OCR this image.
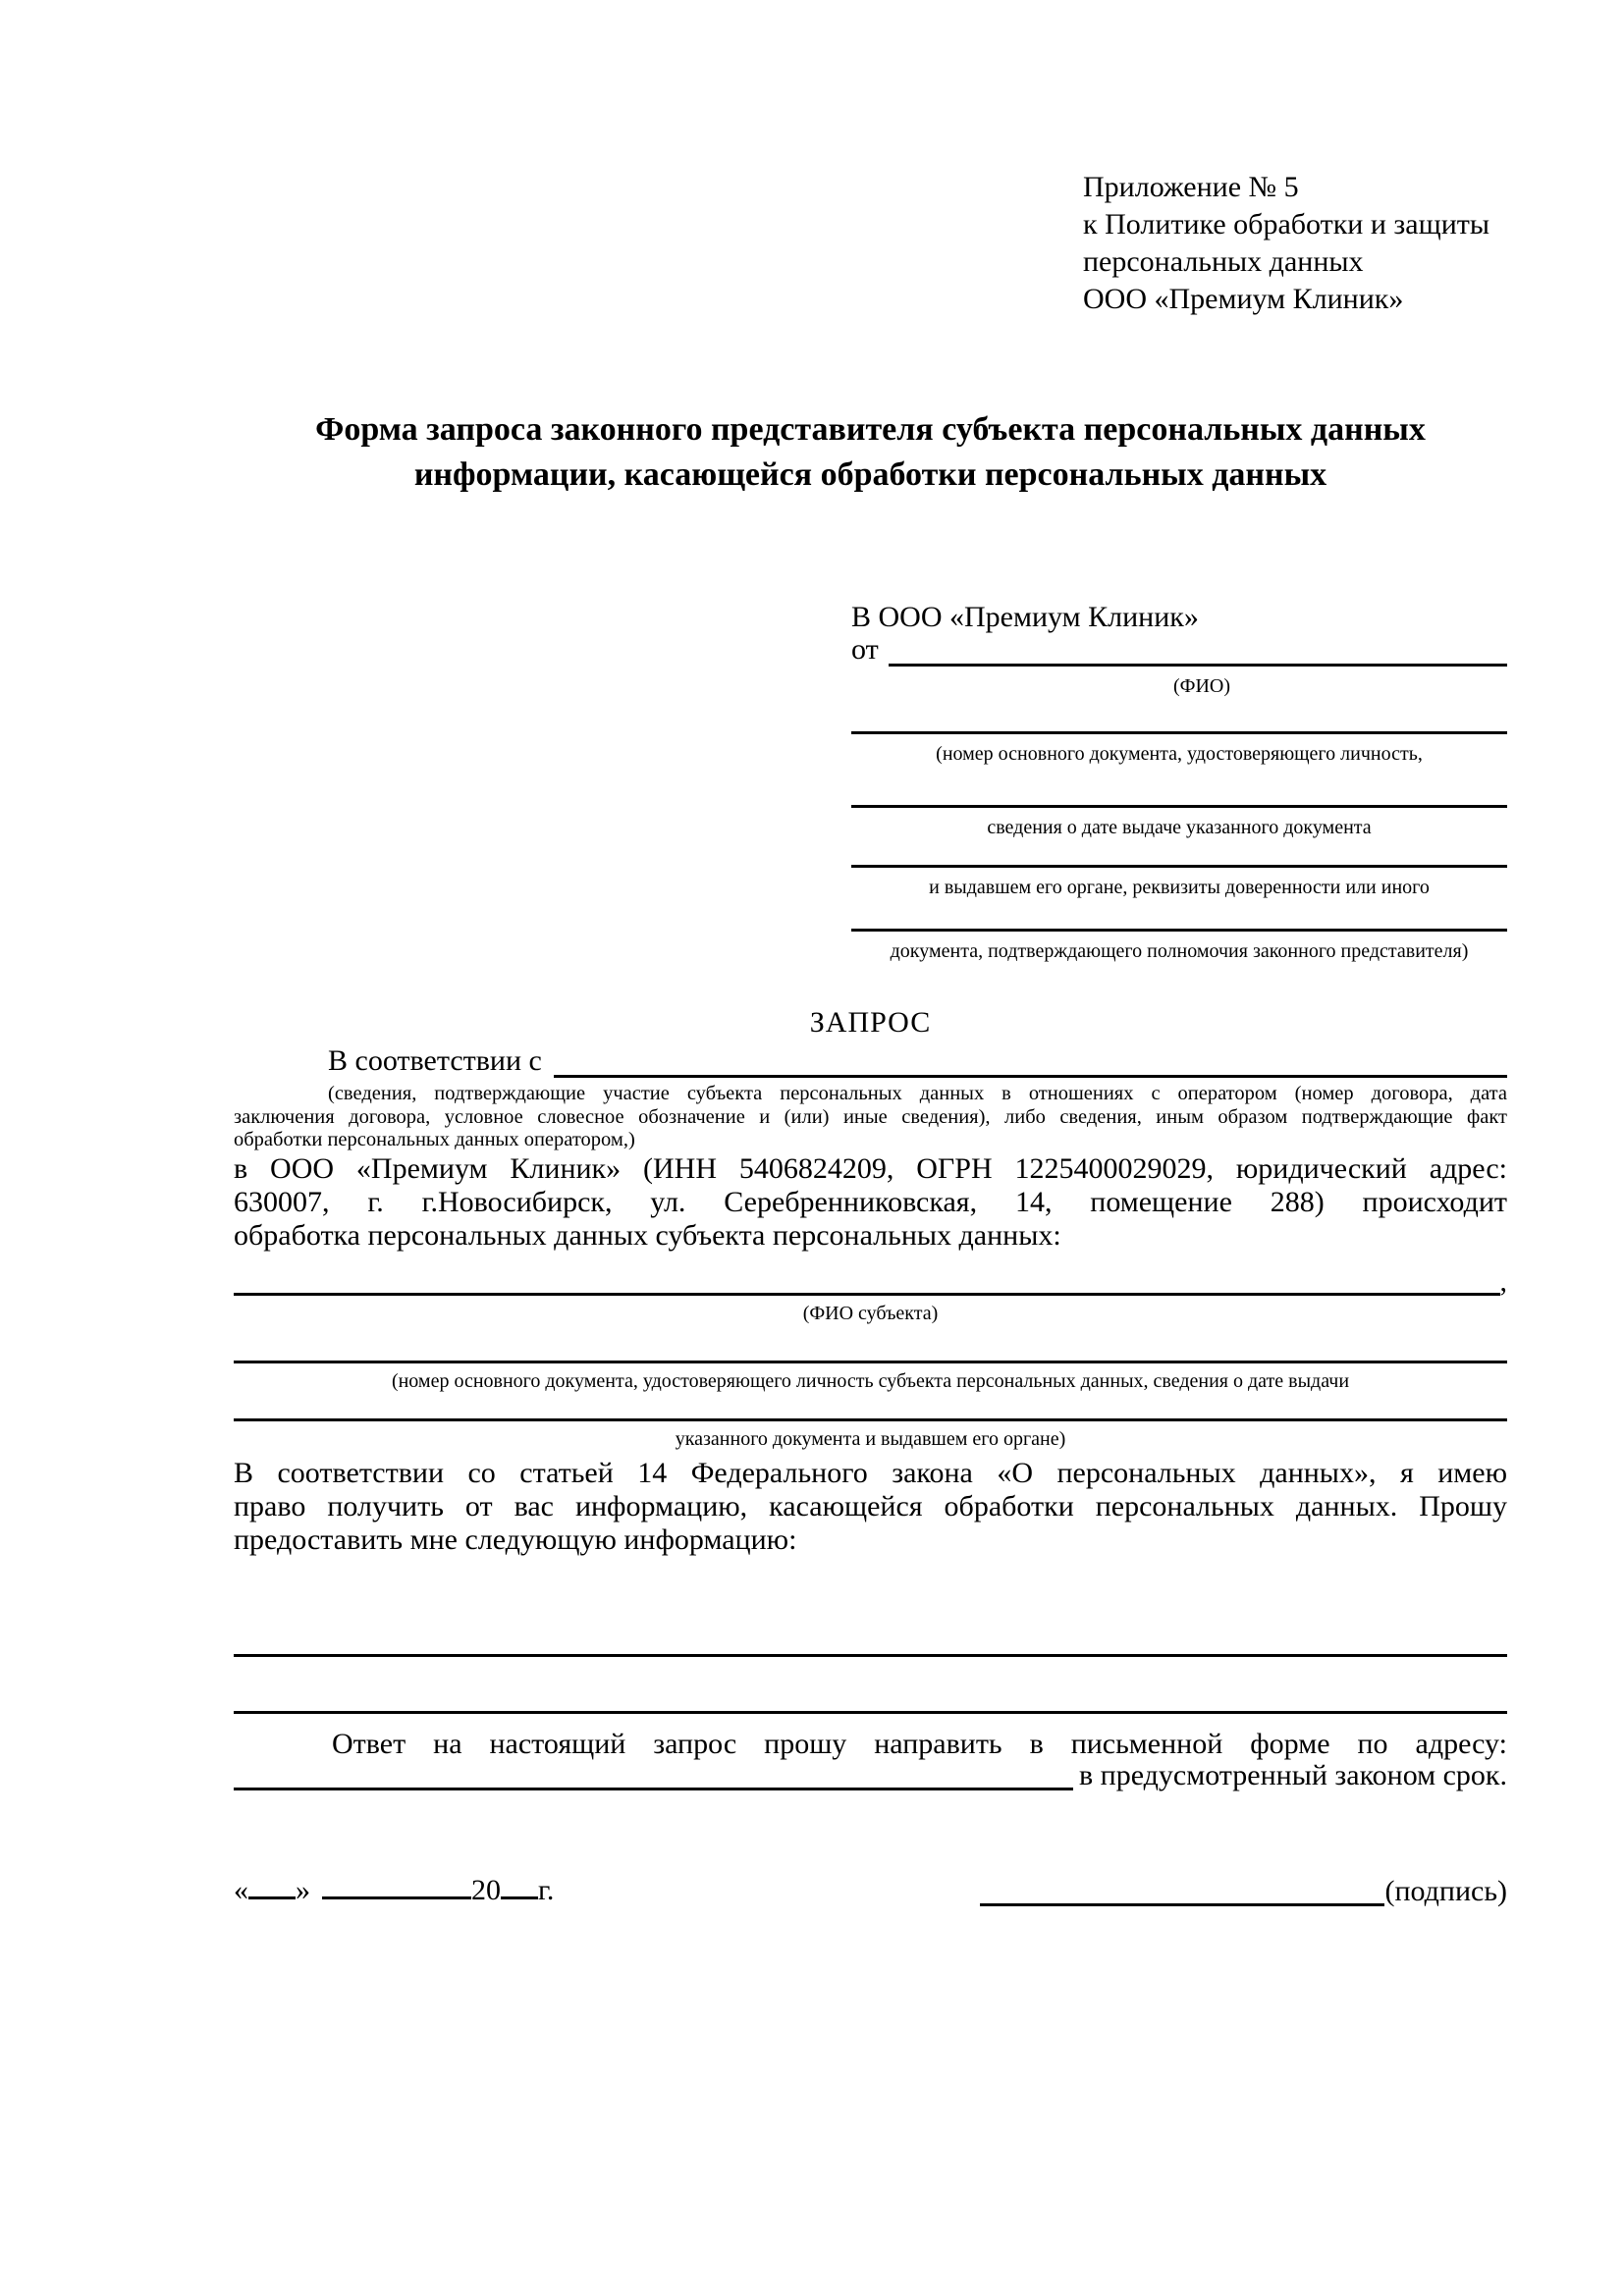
Приложение № 5
к Политике обработки и защиты
персональных данных
ООО «Премиум Клиник»
Форма запроса законного представителя субъекта персональных данных информации, касающейся обработки персональных данных
В ООО «Премиум Клиник»
от
(ФИО)
(номер основного документа, удостоверяющего личность,
сведения о дате выдаче указанного документа
и выдавшем его органе, реквизиты доверенности или иного
документа, подтверждающего полномочия законного представителя)
ЗАПРОС
В соответствии с
(сведения, подтверждающие участие субъекта персональных данных в отношениях с оператором (номер договора, дата
заключения договора, условное словесное обозначение и (или) иные сведения), либо сведения, иным образом подтверждающие факт
обработки персональных данных оператором,)
в ООО «Премиум Клиник» (ИНН 5406824209, ОГРН 1225400029029, юридический адрес:
630007, г. г.Новосибирск, ул. Серебренниковская, 14, помещение 288) происходит
обработка персональных данных субъекта персональных данных:
,
(ФИО субъекта)
(номер основного документа, удостоверяющего личность субъекта персональных данных, сведения о дате выдачи
указанного документа и выдавшем его органе)
В соответствии со статьей 14 Федерального закона «О персональных данных», я имею
право получить от вас информацию, касающейся обработки персональных данных. Прошу
предоставить мне следующую информацию:
Ответ на настоящий запрос прошу направить в письменной форме по адресу:
в предусмотренный законом срок.
« »	20 г.	(подпись)
